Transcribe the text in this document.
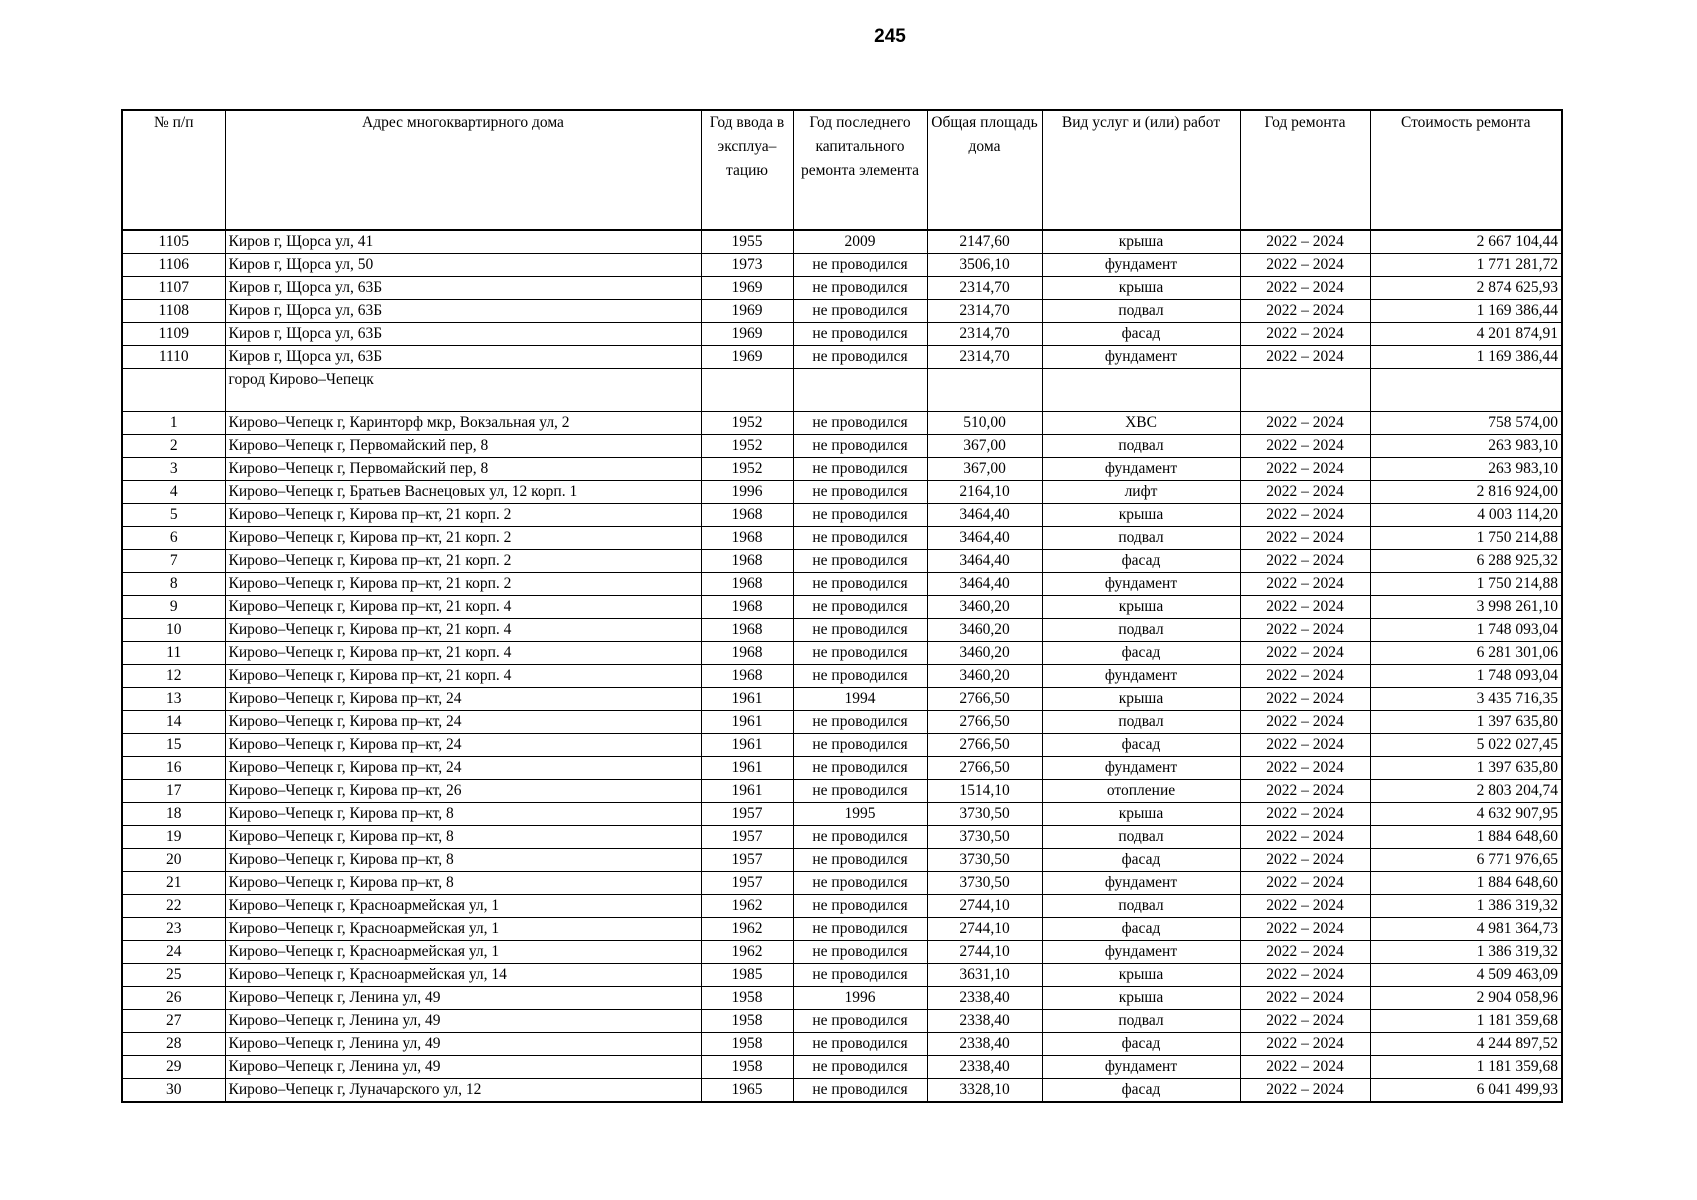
245
№ п/п	Адрес многоквартирного дома	Год ввода в эксплуа–тацию	Год последнего капитального ремонта элемента	Общая площадь дома	Вид услуг и (или) работ	Год ремонта	Стоимость ремонта
1105	Киров г, Щорса ул, 41	1955	2009	2147,60	крыша	2022 – 2024	2 667 104,44
1106	Киров г, Щорса ул, 50	1973	не проводился	3506,10	фундамент	2022 – 2024	1 771 281,72
1107	Киров г, Щорса ул, 63Б	1969	не проводился	2314,70	крыша	2022 – 2024	2 874 625,93
1108	Киров г, Щорса ул, 63Б	1969	не проводился	2314,70	подвал	2022 – 2024	1 169 386,44
1109	Киров г, Щорса ул, 63Б	1969	не проводился	2314,70	фасад	2022 – 2024	4 201 874,91
1110	Киров г, Щорса ул, 63Б	1969	не проводился	2314,70	фундамент	2022 – 2024	1 169 386,44
	город Кирово–Чепецк						
1	Кирово–Чепецк г, Каринторф мкр, Вокзальная ул, 2	1952	не проводился	510,00	ХВС	2022 – 2024	758 574,00
2	Кирово–Чепецк г, Первомайский пер, 8	1952	не проводился	367,00	подвал	2022 – 2024	263 983,10
3	Кирово–Чепецк г, Первомайский пер, 8	1952	не проводился	367,00	фундамент	2022 – 2024	263 983,10
4	Кирово–Чепецк г, Братьев Васнецовых ул, 12 корп. 1	1996	не проводился	2164,10	лифт	2022 – 2024	2 816 924,00
5	Кирово–Чепецк г, Кирова пр–кт, 21 корп. 2	1968	не проводился	3464,40	крыша	2022 – 2024	4 003 114,20
6	Кирово–Чепецк г, Кирова пр–кт, 21 корп. 2	1968	не проводился	3464,40	подвал	2022 – 2024	1 750 214,88
7	Кирово–Чепецк г, Кирова пр–кт, 21 корп. 2	1968	не проводился	3464,40	фасад	2022 – 2024	6 288 925,32
8	Кирово–Чепецк г, Кирова пр–кт, 21 корп. 2	1968	не проводился	3464,40	фундамент	2022 – 2024	1 750 214,88
9	Кирово–Чепецк г, Кирова пр–кт, 21 корп. 4	1968	не проводился	3460,20	крыша	2022 – 2024	3 998 261,10
10	Кирово–Чепецк г, Кирова пр–кт, 21 корп. 4	1968	не проводился	3460,20	подвал	2022 – 2024	1 748 093,04
11	Кирово–Чепецк г, Кирова пр–кт, 21 корп. 4	1968	не проводился	3460,20	фасад	2022 – 2024	6 281 301,06
12	Кирово–Чепецк г, Кирова пр–кт, 21 корп. 4	1968	не проводился	3460,20	фундамент	2022 – 2024	1 748 093,04
13	Кирово–Чепецк г, Кирова пр–кт, 24	1961	1994	2766,50	крыша	2022 – 2024	3 435 716,35
14	Кирово–Чепецк г, Кирова пр–кт, 24	1961	не проводился	2766,50	подвал	2022 – 2024	1 397 635,80
15	Кирово–Чепецк г, Кирова пр–кт, 24	1961	не проводился	2766,50	фасад	2022 – 2024	5 022 027,45
16	Кирово–Чепецк г, Кирова пр–кт, 24	1961	не проводился	2766,50	фундамент	2022 – 2024	1 397 635,80
17	Кирово–Чепецк г, Кирова пр–кт, 26	1961	не проводился	1514,10	отопление	2022 – 2024	2 803 204,74
18	Кирово–Чепецк г, Кирова пр–кт, 8	1957	1995	3730,50	крыша	2022 – 2024	4 632 907,95
19	Кирово–Чепецк г, Кирова пр–кт, 8	1957	не проводился	3730,50	подвал	2022 – 2024	1 884 648,60
20	Кирово–Чепецк г, Кирова пр–кт, 8	1957	не проводился	3730,50	фасад	2022 – 2024	6 771 976,65
21	Кирово–Чепецк г, Кирова пр–кт, 8	1957	не проводился	3730,50	фундамент	2022 – 2024	1 884 648,60
22	Кирово–Чепецк г, Красноармейская ул, 1	1962	не проводился	2744,10	подвал	2022 – 2024	1 386 319,32
23	Кирово–Чепецк г, Красноармейская ул, 1	1962	не проводился	2744,10	фасад	2022 – 2024	4 981 364,73
24	Кирово–Чепецк г, Красноармейская ул, 1	1962	не проводился	2744,10	фундамент	2022 – 2024	1 386 319,32
25	Кирово–Чепецк г, Красноармейская ул, 14	1985	не проводился	3631,10	крыша	2022 – 2024	4 509 463,09
26	Кирово–Чепецк г, Ленина ул, 49	1958	1996	2338,40	крыша	2022 – 2024	2 904 058,96
27	Кирово–Чепецк г, Ленина ул, 49	1958	не проводился	2338,40	подвал	2022 – 2024	1 181 359,68
28	Кирово–Чепецк г, Ленина ул, 49	1958	не проводился	2338,40	фасад	2022 – 2024	4 244 897,52
29	Кирово–Чепецк г, Ленина ул, 49	1958	не проводился	2338,40	фундамент	2022 – 2024	1 181 359,68
30	Кирово–Чепецк г, Луначарского ул, 12	1965	не проводился	3328,10	фасад	2022 – 2024	6 041 499,93
